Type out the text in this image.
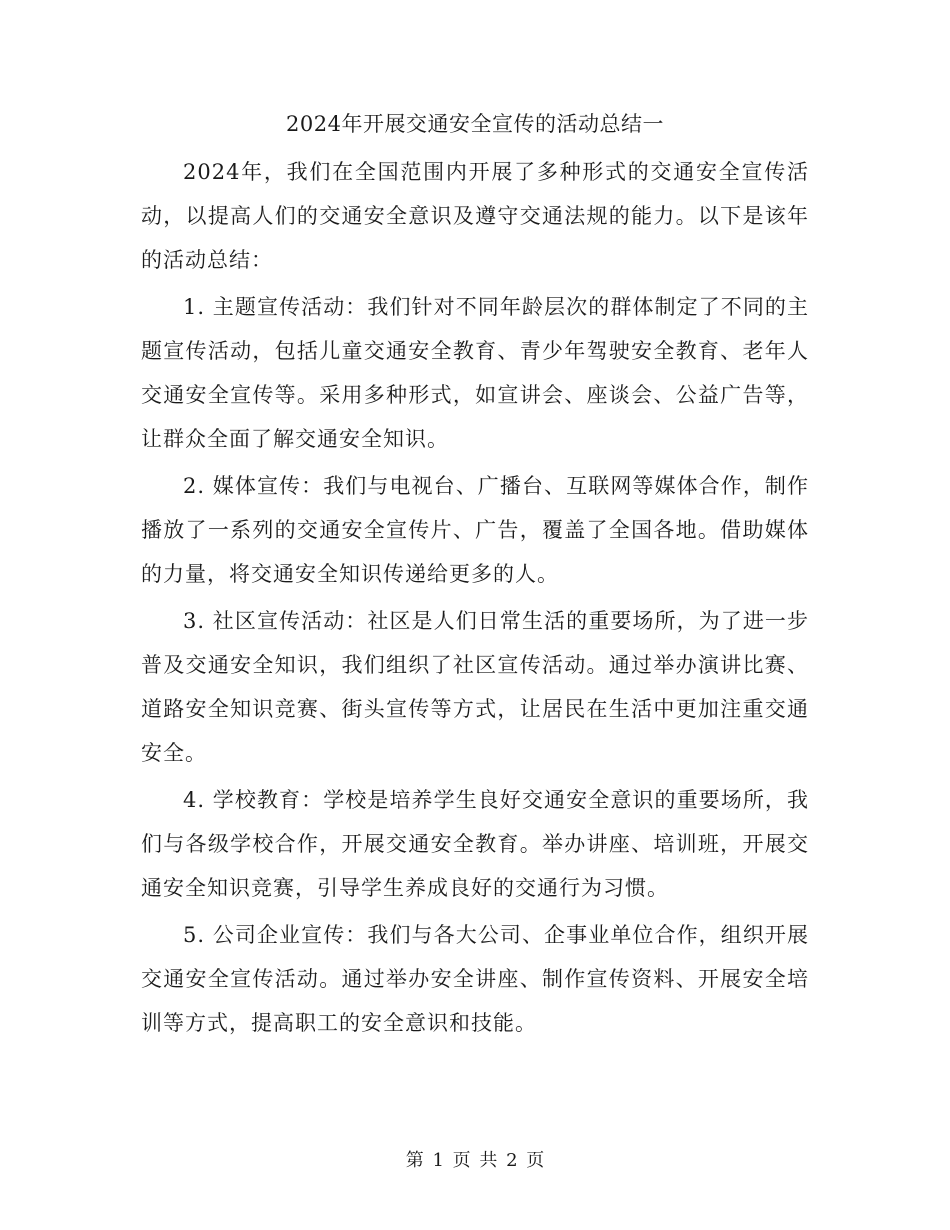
2024年开展交通安全宣传的活动总结一

2024年，我们在全国范围内开展了多种形式的交通安全宣传活动，以提高人们的交通安全意识及遵守交通法规的能力。以下是该年的活动总结：

1. 主题宣传活动：我们针对不同年龄层次的群体制定了不同的主题宣传活动，包括儿童交通安全教育、青少年驾驶安全教育、老年人交通安全宣传等。采用多种形式，如宣讲会、座谈会、公益广告等，让群众全面了解交通安全知识。

2. 媒体宣传：我们与电视台、广播台、互联网等媒体合作，制作播放了一系列的交通安全宣传片、广告，覆盖了全国各地。借助媒体的力量，将交通安全知识传递给更多的人。

3. 社区宣传活动：社区是人们日常生活的重要场所，为了进一步普及交通安全知识，我们组织了社区宣传活动。通过举办演讲比赛、道路安全知识竞赛、街头宣传等方式，让居民在生活中更加注重交通安全。

4. 学校教育：学校是培养学生良好交通安全意识的重要场所，我们与各级学校合作，开展交通安全教育。举办讲座、培训班，开展交通安全知识竞赛，引导学生养成良好的交通行为习惯。

5. 公司企业宣传：我们与各大公司、企事业单位合作，组织开展交通安全宣传活动。通过举办安全讲座、制作宣传资料、开展安全培训等方式，提高职工的安全意识和技能。

第 1 页 共 2 页
